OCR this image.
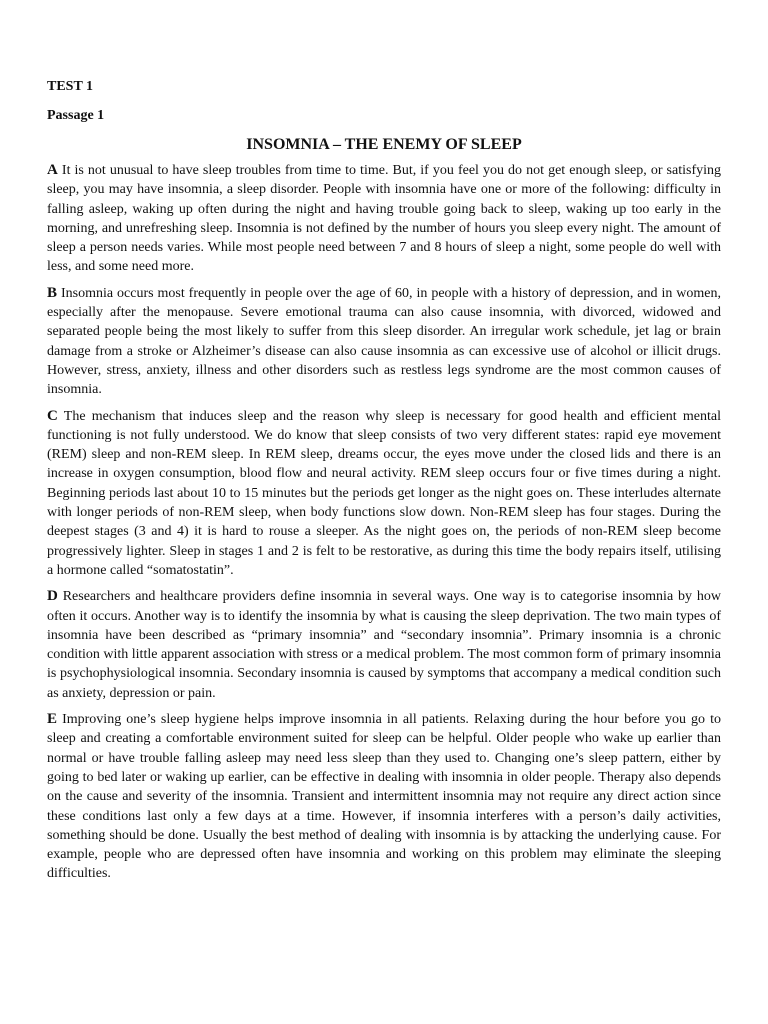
TEST 1
Passage 1
INSOMNIA – THE ENEMY OF SLEEP

A It is not unusual to have sleep troubles from time to time. But, if you feel you do not get enough sleep, or satisfying sleep, you may have insomnia, a sleep disorder. People with insomnia have one or more of the following: difficulty in falling asleep, waking up often during the night and having trouble going back to sleep, waking up too early in the morning, and unrefreshing sleep. Insomnia is not defined by the number of hours you sleep every night. The amount of sleep a person needs varies. While most people need between 7 and 8 hours of sleep a night, some people do well with less, and some need more.

B Insomnia occurs most frequently in people over the age of 60, in people with a history of depression, and in women, especially after the menopause. Severe emotional trauma can also cause insomnia, with divorced, widowed and separated people being the most likely to suffer from this sleep disorder. An irregular work schedule, jet lag or brain damage from a stroke or Alzheimer’s disease can also cause insomnia as can excessive use of alcohol or illicit drugs. However, stress, anxiety, illness and other disorders such as restless legs syndrome are the most common causes of insomnia.

C The mechanism that induces sleep and the reason why sleep is necessary for good health and efficient mental functioning is not fully understood. We do know that sleep consists of two very different states: rapid eye movement (REM) sleep and non-REM sleep. In REM sleep, dreams occur, the eyes move under the closed lids and there is an increase in oxygen consumption, blood flow and neural activity. REM sleep occurs four or five times during a night. Beginning periods last about 10 to 15 minutes but the periods get longer as the night goes on. These interludes alternate with longer periods of non-REM sleep, when body functions slow down. Non-REM sleep has four stages. During the deepest stages (3 and 4) it is hard to rouse a sleeper. As the night goes on, the periods of non-REM sleep become progressively lighter. Sleep in stages 1 and 2 is felt to be restorative, as during this time the body repairs itself, utilising a hormone called “somatostatin”.

D Researchers and healthcare providers define insomnia in several ways. One way is to categorise insomnia by how often it occurs. Another way is to identify the insomnia by what is causing the sleep deprivation. The two main types of insomnia have been described as “primary insomnia” and “secondary insomnia”. Primary insomnia is a chronic condition with little apparent association with stress or a medical problem. The most common form of primary insomnia is psychophysiological insomnia. Secondary insomnia is caused by symptoms that accompany a medical condition such as anxiety, depression or pain.

E Improving one’s sleep hygiene helps improve insomnia in all patients. Relaxing during the hour before you go to sleep and creating a comfortable environment suited for sleep can be helpful. Older people who wake up earlier than normal or have trouble falling asleep may need less sleep than they used to. Changing one’s sleep pattern, either by going to bed later or waking up earlier, can be effective in dealing with insomnia in older people. Therapy also depends on the cause and severity of the insomnia. Transient and intermittent insomnia may not require any direct action since these conditions last only a few days at a time. However, if insomnia interferes with a person’s daily activities, something should be done. Usually the best method of dealing with insomnia is by attacking the underlying cause. For example, people who are depressed often have insomnia and working on this problem may eliminate the sleeping difficulties.
